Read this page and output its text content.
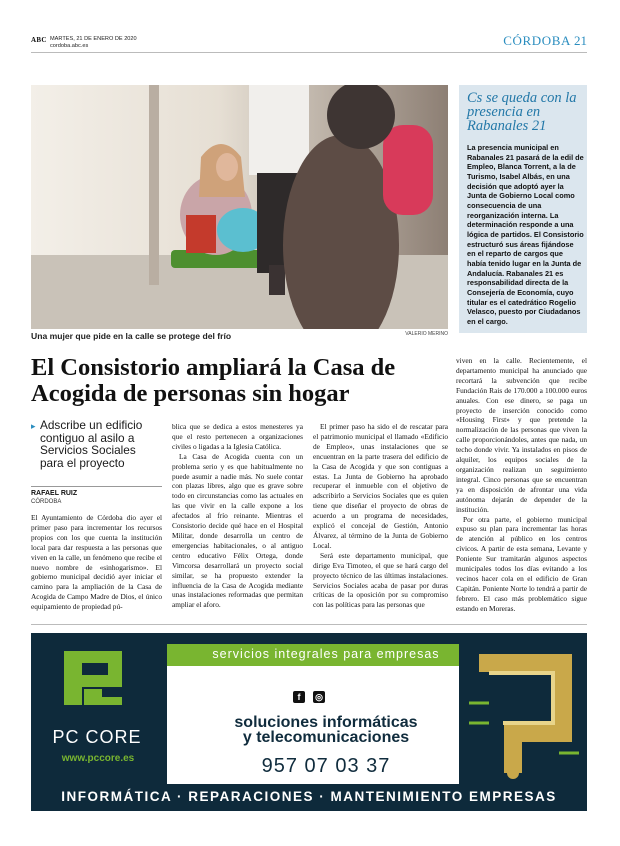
ABC MARTES, 21 DE ENERO DE 2020
cordoba.abc.es	CÓRDOBA 21
Una mujer que pide en la calle se protege del frío	VALERIO MERINO
Cs se queda con la presencia en Rabanales 21
La presencia municipal en Rabanales 21 pasará de la edil de Empleo, Blanca Torrent, a la de Turismo, Isabel Albás, en una decisión que adoptó ayer la Junta de Gobierno Local como consecuencia de una reorganización interna. La determinación responde a una lógica de partidos. El Consistorio estructuró sus áreas fijándose en el reparto de cargos que había tenido lugar en la Junta de Andalucía. Rabanales 21 es responsabilidad directa de la Consejería de Economía, cuyo titular es el catedrático Rogelio Velasco, puesto por Ciudadanos en el cargo.
El Consistorio ampliará la Casa de Acogida de personas sin hogar
▸ Adscribe un edificio contiguo al asilo a Servicios Sociales para el proyecto
RAFAEL RUIZ
CÓRDOBA

El Ayuntamiento de Córdoba dio ayer el primer paso para incrementar los recursos propios con los que cuenta la institución local para dar respuesta a las personas que viven en la calle, un fenómeno que recibe el nuevo nombre de «sinhogarismo». El gobierno municipal decidió ayer iniciar el camino para la ampliación de la Casa de Acogida de Campo Madre de Dios, el único equipamiento de propiedad pú-

blica que se dedica a estos menesteres ya que el resto pertenecen a organizaciones civiles o ligadas a la Iglesia Católica.

La Casa de Acogida cuenta con un problema serio y es que habitualmente no puede asumir a nadie más. No suele contar con plazas libres, algo que es grave sobre todo en circunstancias como las actuales en las que vivir en la calle expone a los afectados al frío reinante. Mientras el Consistorio decide qué hace en el Hospital Militar, donde desarrolla un centro de emergencias habitacionales, o al antiguo centro educativo Félix Ortega, donde Vimcorsa desarrollará un proyecto social similar, se ha propuesto extender la influencia de la Casa de Acogida mediante unas instalaciones reformadas que permitan ampliar el aforo.

El primer paso ha sido el de rescatar para el patrimonio municipal el llamado «Edificio de Empleo», unas instalaciones que se encuentran en la parte trasera del edificio de la Casa de Acogida y que son contiguas a estas. La Junta de Gobierno ha aprobado recuperar el inmueble con el objetivo de adscribirlo a Servicios Sociales que es quien tiene que diseñar el proyecto de obras de acuerdo a un programa de necesidades, explicó el concejal de Gestión, Antonio Álvarez, al término de la Junta de Gobierno Local.

Será este departamento municipal, que dirige Eva Timoteo, el que se hará cargo del proyecto técnico de las últimas instalaciones. Servicios Sociales acaba de pasar por duras críticas de la oposición por su compromiso con las políticas para las personas que

viven en la calle. Recientemente, el departamento municipal ha anunciado que recortará la subvención que recibe Fundación Rais de 170.000 a 100.000 euros anuales. Con ese dinero, se paga un proyecto de inserción conocido como «Housing First» y que pretende la normalización de las personas que viven la calle proporcionándoles, antes que nada, un techo donde vivir. Ya instalados en pisos de alquiler, los equipos sociales de la organización realizan un seguimiento integral. Cinco personas que se encuentran ya en disposición de afrontar una vida autónoma dejarán de depender de la institución.

Por otra parte, el gobierno municipal expuso su plan para incrementar las horas de atención al público en los centros cívicos. A partir de esta semana, Levante y Poniente Sur tramitarán algunos aspectos municipales todos los días evitando a los vecinos hacer cola en el edificio de Gran Capitán. Poniente Norte lo tendrá a partir de febrero. El caso más problemático sigue estando en Moreras.

PC CORE
www.pccore.es
servicios integrales para empresas
f ◎
soluciones informáticas
y telecomunicaciones
957 07 03 37
INFORMÁTICA · REPARACIONES · MANTENIMIENTO EMPRESAS
